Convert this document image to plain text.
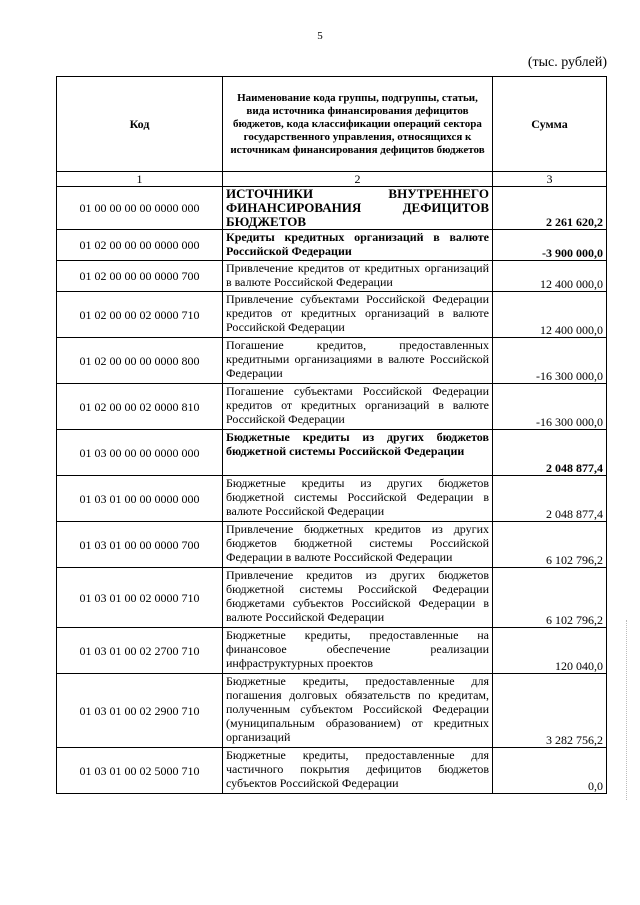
5
(тыс. рублей)
Код	Наименование кода группы, подгруппы, статьи, вида источника финансирования дефицитов бюджетов, кода классификации операций сектора государственного управления, относящихся к источникам финансирования дефицитов бюджетов	Сумма
1	2	3
01 00 00 00 00 0000 000	ИСТОЧНИКИ ВНУТРЕННЕГО ФИНАНСИРОВАНИЯ ДЕФИЦИТОВ БЮДЖЕТОВ	2 261 620,2
01 02 00 00 00 0000 000	Кредиты кредитных организаций в валюте Российской Федерации	-3 900 000,0
01 02 00 00 00 0000 700	Привлечение кредитов от кредитных организаций в валюте Российской Федерации	12 400 000,0
01 02 00 00 02 0000 710	Привлечение субъектами Российской Федерации кредитов от кредитных организаций в валюте Российской Федерации	12 400 000,0
01 02 00 00 00 0000 800	Погашение кредитов, предоставленных кредитными организациями в валюте Российской Федерации	-16 300 000,0
01 02 00 00 02 0000 810	Погашение субъектами Российской Федерации кредитов от кредитных организаций в валюте Российской Федерации	-16 300 000,0
01 03 00 00 00 0000 000	Бюджетные кредиты из других бюджетов бюджетной системы Российской Федерации	2 048 877,4
01 03 01 00 00 0000 000	Бюджетные кредиты из других бюджетов бюджетной системы Российской Федерации в валюте Российской Федерации	2 048 877,4
01 03 01 00 00 0000 700	Привлечение бюджетных кредитов из других бюджетов бюджетной системы Российской Федерации в валюте Российской Федерации	6 102 796,2
01 03 01 00 02 0000 710	Привлечение кредитов из других бюджетов бюджетной системы Российской Федерации бюджетами субъектов Российской Федерации в валюте Российской Федерации	6 102 796,2
01 03 01 00 02 2700 710	Бюджетные кредиты, предоставленные на финансовое обеспечение реализации инфраструктурных проектов	120 040,0
01 03 01 00 02 2900 710	Бюджетные кредиты, предоставленные для погашения долговых обязательств по кредитам, полученным субъектом Российской Федерации (муниципальным образованием) от кредитных организаций	3 282 756,2
01 03 01 00 02 5000 710	Бюджетные кредиты, предоставленные для частичного покрытия дефицитов бюджетов субъектов Российской Федерации	0,0
